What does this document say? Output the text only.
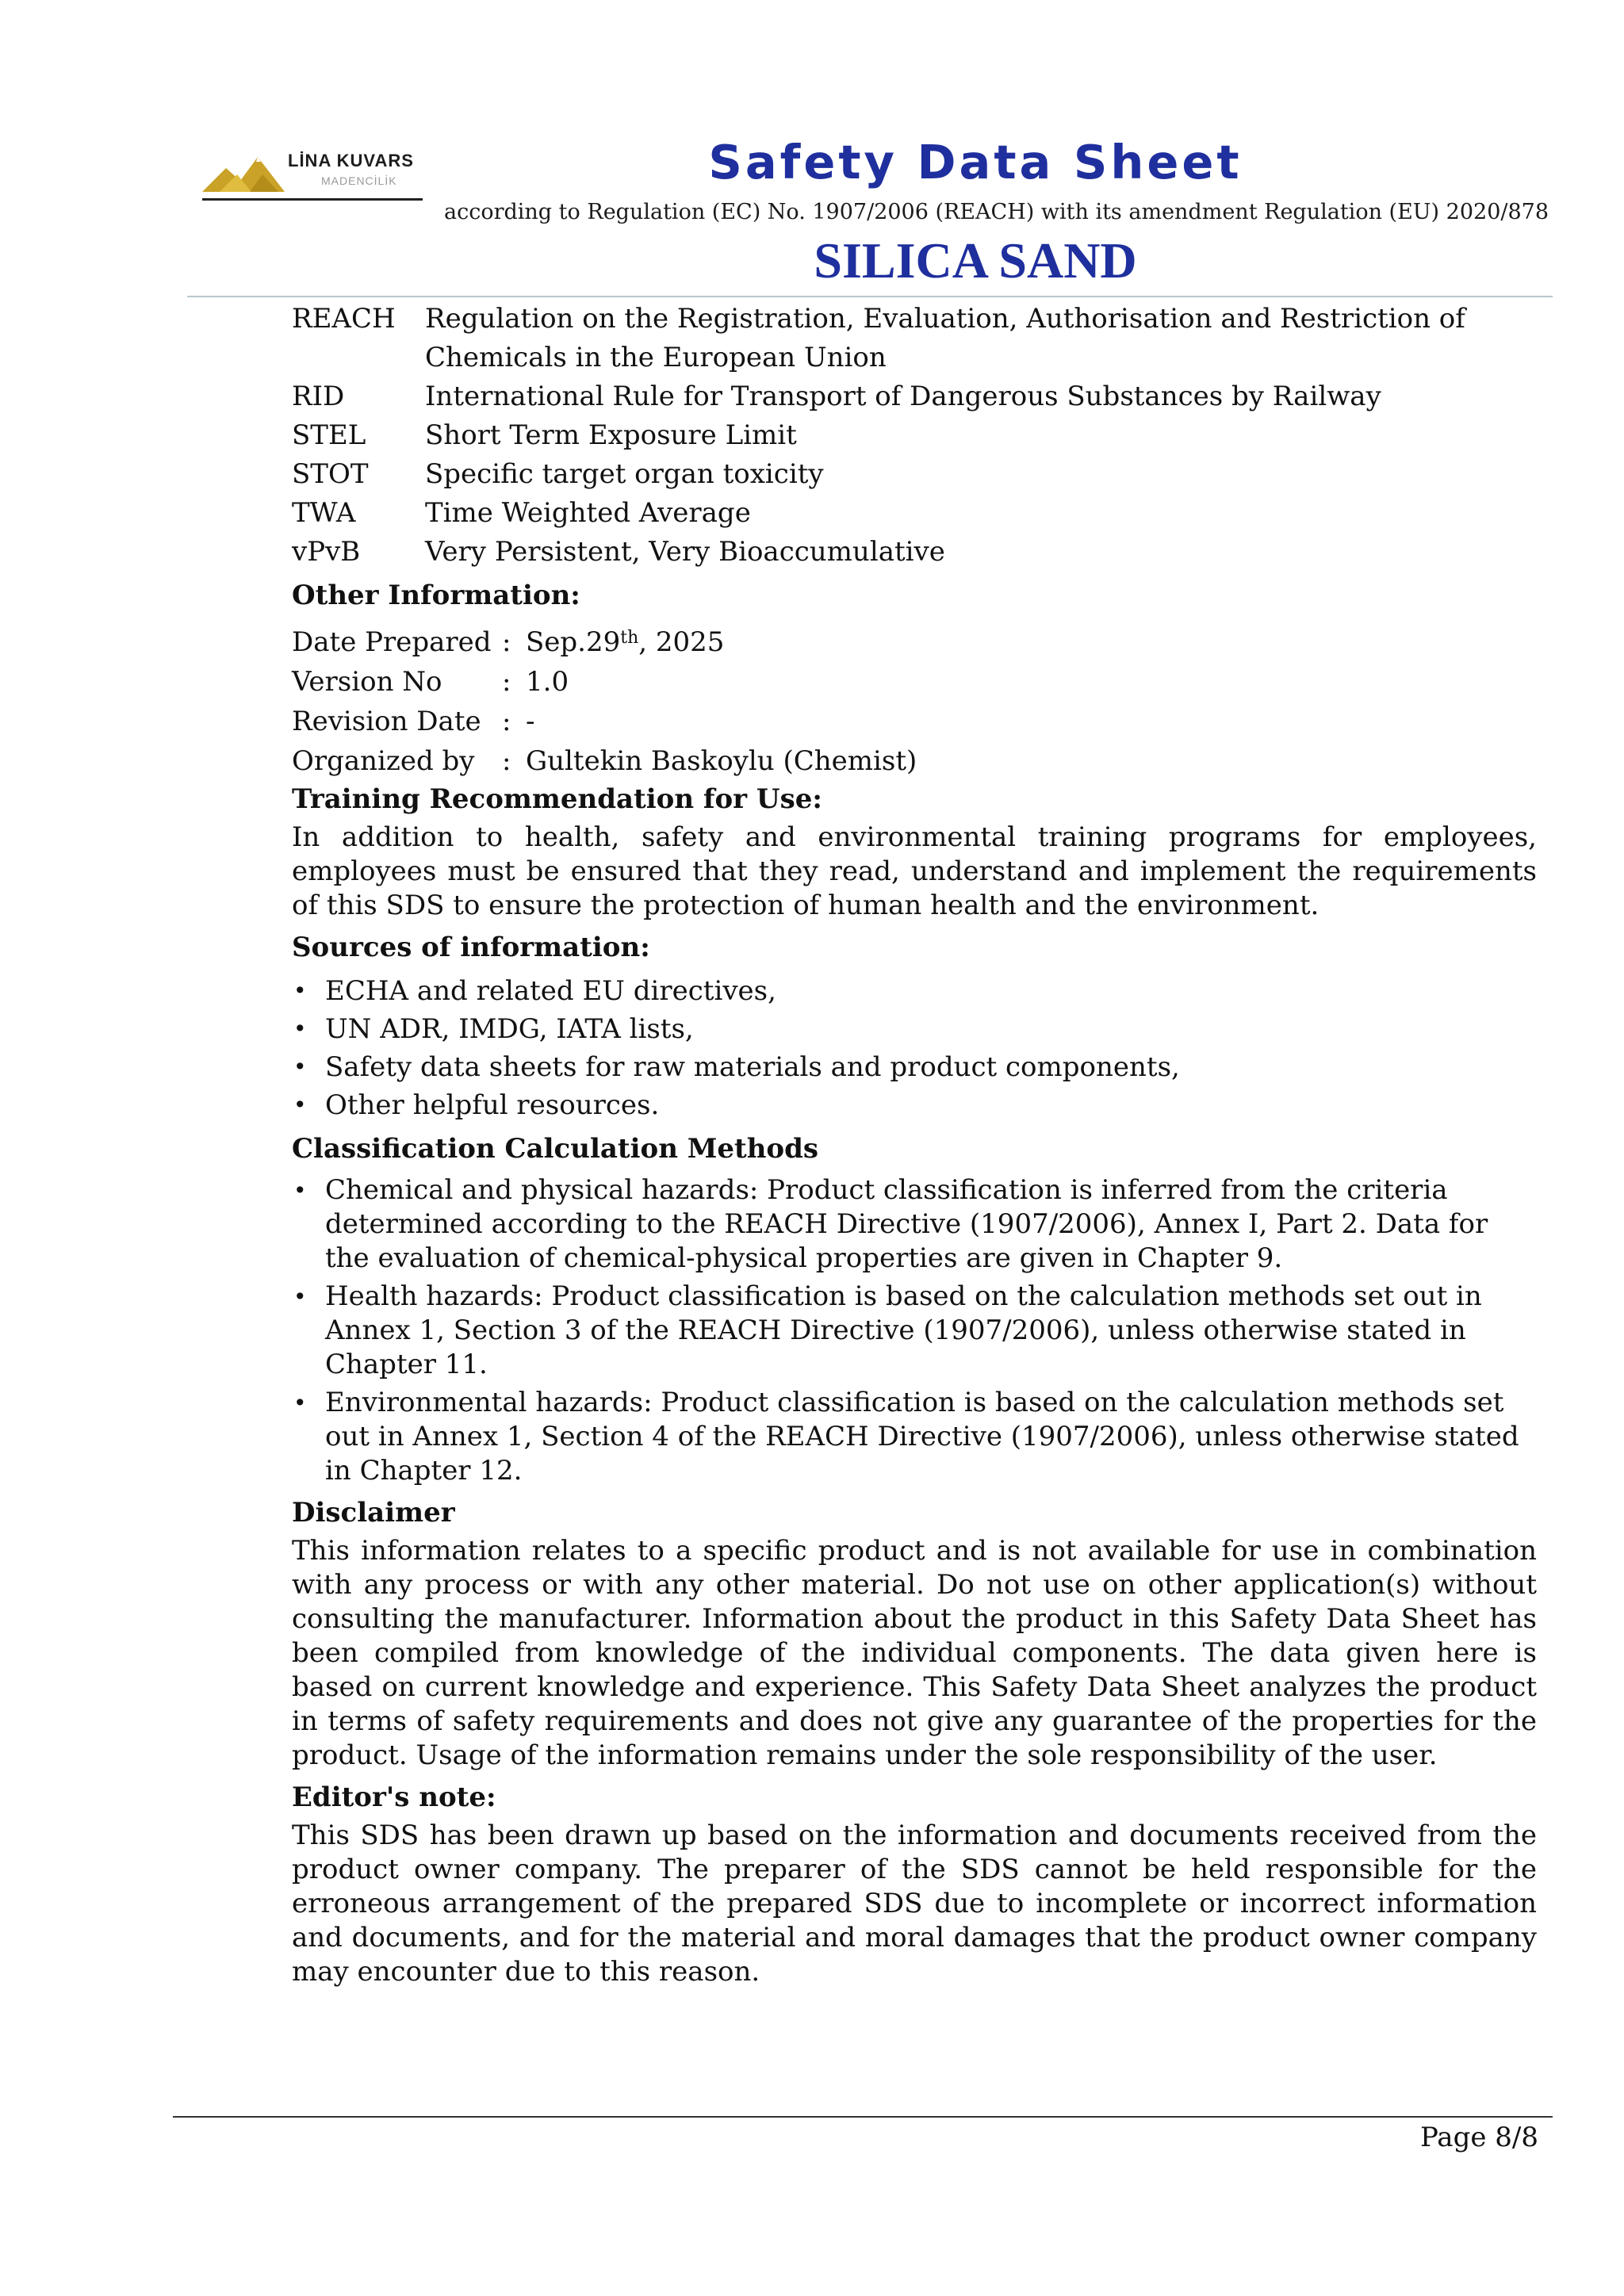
LİNA KUVARS
MADENCİLİK	Safety Data Sheet
according to Regulation (EC) No. 1907/2006 (REACH) with its amendment Regulation (EU) 2020/878
SILICA SAND
REACH Regulation on the Registration, Evaluation, Authorisation and Restriction of Chemicals in the European Union
RID	International Rule for Transport of Dangerous Substances by Railway
STEL Short Term Exposure Limit
STOT Specific target organ toxicity
TWA	Time Weighted Average
vPvB Very Persistent, Very Bioaccumulative
Other Information:
Date Prepared : Sep.29th, 2025
Version No : 1.0
Revision Date : -
Organized by : Gultekin Baskoylu (Chemist)
Training Recommendation for Use:

In addition to health, safety and environmental training programs for employees, employees must be ensured that they read, understand and implement the requirements of this SDS to ensure the protection of human health and the environment.

Sources of information:
• ECHA and related EU directives,
• UN ADR, IMDG, IATA lists,
• Safety data sheets for raw materials and product components,
• Other helpful resources.
Classification Calculation Methods
• Chemical and physical hazards: Product classification is inferred from the criteria determined according to the REACH Directive (1907/2006), Annex I, Part 2. Data for the evaluation of chemical-physical properties are given in Chapter 9.
• Health hazards: Product classification is based on the calculation methods set out in Annex 1, Section 3 of the REACH Directive (1907/2006), unless otherwise stated in Chapter 11.
• Environmental hazards: Product classification is based on the calculation methods set out in Annex 1, Section 4 of the REACH Directive (1907/2006), unless otherwise stated in Chapter 12.
Disclaimer

This information relates to a specific product and is not available for use in combination with any process or with any other material. Do not use on other application(s) without consulting the manufacturer. Information about the product in this Safety Data Sheet has been compiled from knowledge of the individual components. The data given here is based on current knowledge and experience. This Safety Data Sheet analyzes the product in terms of safety requirements and does not give any guarantee of the properties for the product. Usage of the information remains under the sole responsibility of the user.

Editor's note:

This SDS has been drawn up based on the information and documents received from the product owner company. The preparer of the SDS cannot be held responsible for the erroneous arrangement of the prepared SDS due to incomplete or incorrect information and documents, and for the material and moral damages that the product owner company may encounter due to this reason.

Page 8/8
